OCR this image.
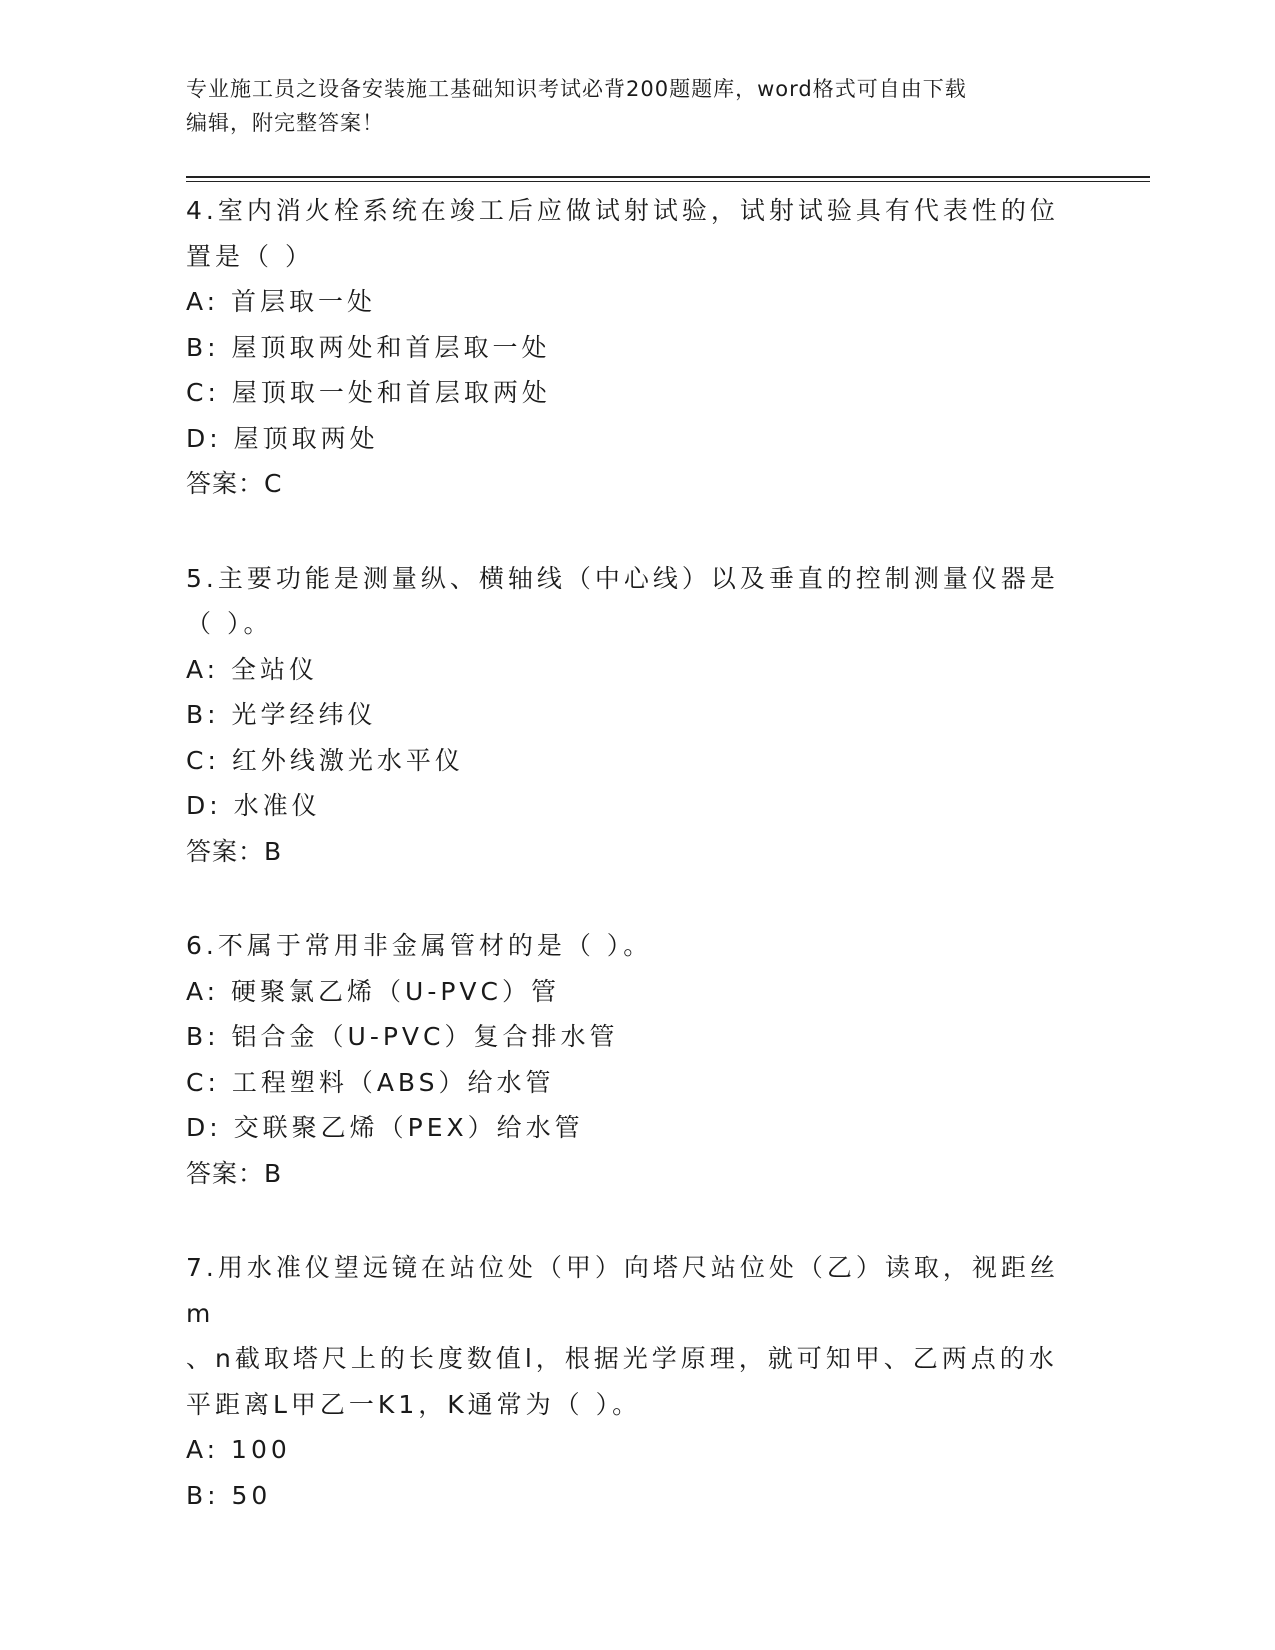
专业施工员之设备安装施工基础知识考试必背200题题库，word格式可自由下载
编辑，附完整答案！
4.室内消火栓系统在竣工后应做试射试验，试射试验具有代表性的位
置是（ ）
A: 首层取一处
B: 屋顶取两处和首层取一处
C: 屋顶取一处和首层取两处
D: 屋顶取两处
答案：C
5.主要功能是测量纵、横轴线（中心线）以及垂直的控制测量仪器是
（ ）。
A: 全站仪
B: 光学经纬仪
C: 红外线激光水平仪
D: 水准仪
答案：B
6.不属于常用非金属管材的是（ ）。
A: 硬聚氯乙烯（U-PVC）管
B: 铝合金（U-PVC）复合排水管
C: 工程塑料（ABS）给水管
D: 交联聚乙烯（PEX）给水管
答案：B
7.用水准仪望远镜在站位处（甲）向塔尺站位处（乙）读取，视距丝m
、n截取塔尺上的长度数值l，根据光学原理，就可知甲、乙两点的水
平距离L甲乙一K1，K通常为（ ）。
A: 100
B: 50
